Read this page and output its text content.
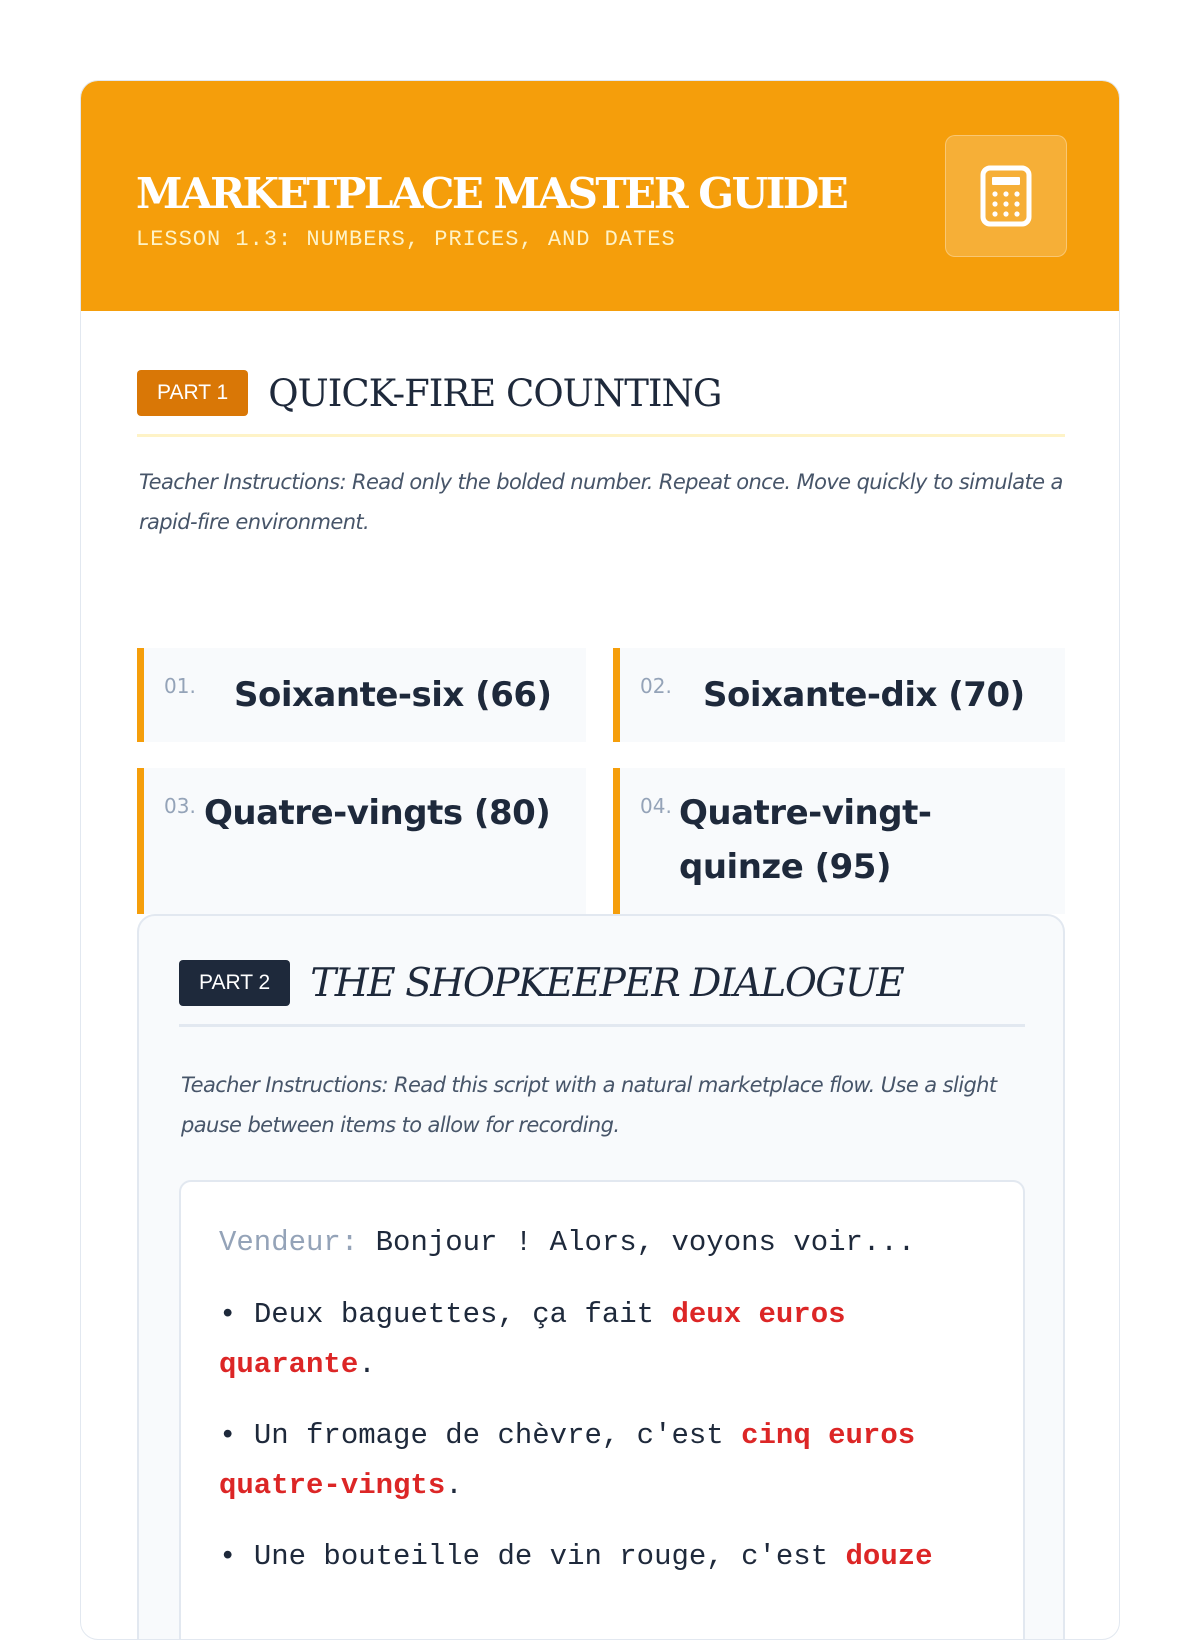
MARKETPLACE MASTER GUIDE
LESSON 1.3: NUMBERS, PRICES, AND DATES
PART 1	QUICK-FIRE COUNTING
Teacher Instructions: Read only the bolded number. Repeat once. Move quickly to simulate a rapid-fire environment.
01. Soixante-six (66)	02. Soixante-dix (70)
03. Quatre-vingts (80)	04. Quatre-vingt-quinze (95)
PART 2	THE SHOPKEEPER DIALOGUE
Teacher Instructions: Read this script with a natural marketplace flow. Use a slight pause between items to allow for recording.
Vendeur: Bonjour ! Alors, voyons voir...
• Deux baguettes, ça fait deux euros quarante.
• Un fromage de chèvre, c'est cinq euros quatre-vingts.
• Une bouteille de vin rouge, c'est douze
